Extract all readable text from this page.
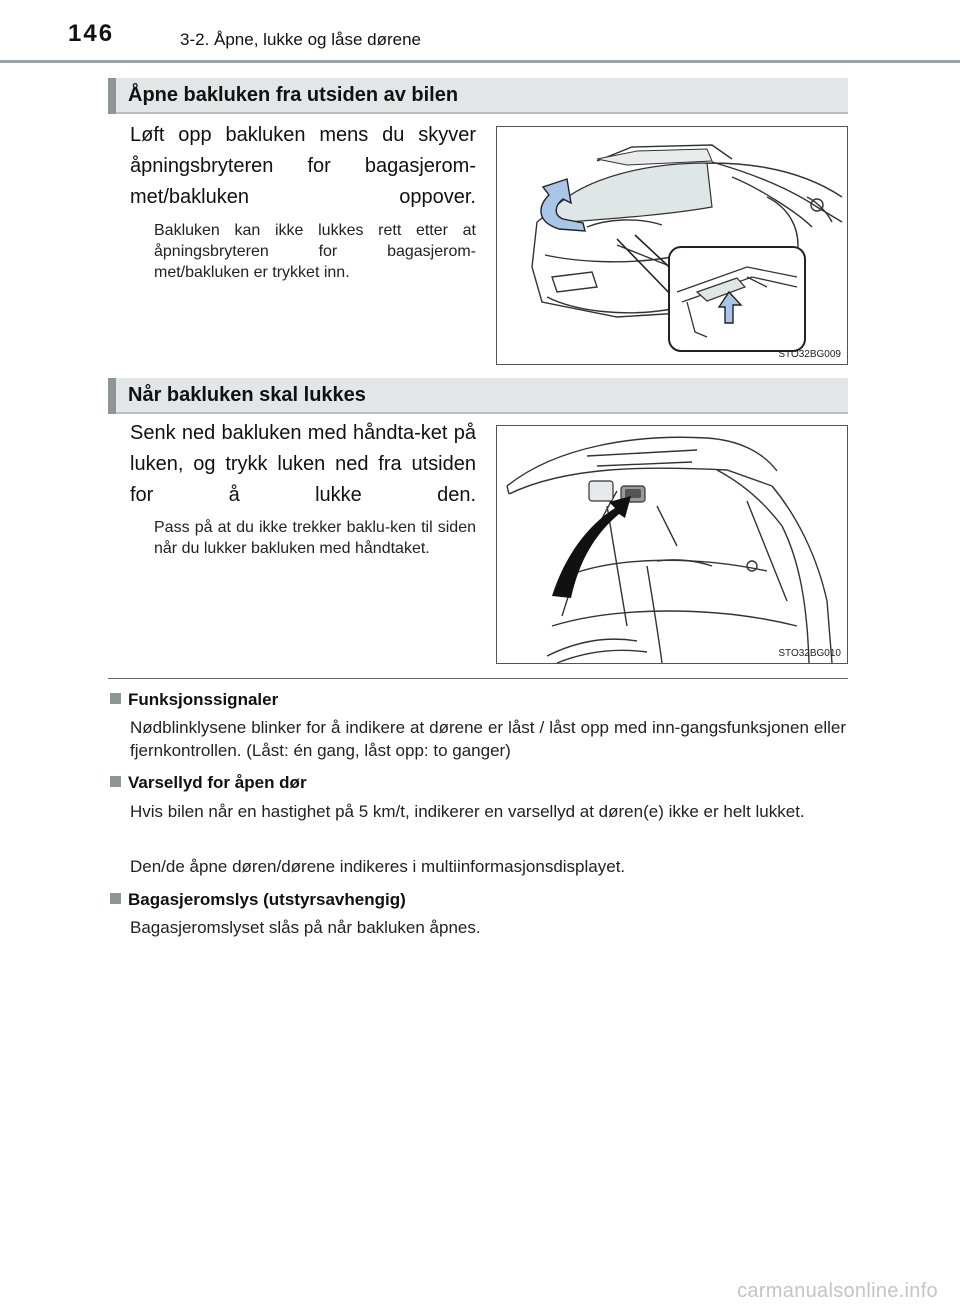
146	3-2. Åpne, lukke og låse dørene
Åpne bakluken fra utsiden av bilen
Løft opp bakluken mens du skyver åpningsbryteren for bagasjerom-met/bakluken oppover.
Bakluken kan ikke lukkes rett etter at åpningsbryteren for bagasjerom-met/bakluken er trykket inn.
STO32BG009
Når bakluken skal lukkes
Senk ned bakluken med håndta-ket på luken, og trykk luken ned fra utsiden for å lukke den.
Pass på at du ikke trekker baklu-ken til siden når du lukker bakluken med håndtaket.
STO32BG010
Funksjonssignaler
Nødblinklysene blinker for å indikere at dørene er låst / låst opp med inn-gangsfunksjonen eller fjernkontrollen. (Låst: én gang, låst opp: to ganger)
Varsellyd for åpen dør
Hvis bilen når en hastighet på 5 km/t, indikerer en varsellyd at døren(e) ikke er helt lukket.
Den/de åpne døren/dørene indikeres i multiinformasjonsdisplayet.
Bagasjeromslys (utstyrsavhengig)
Bagasjeromslyset slås på når bakluken åpnes.
carmanualsonline.info
